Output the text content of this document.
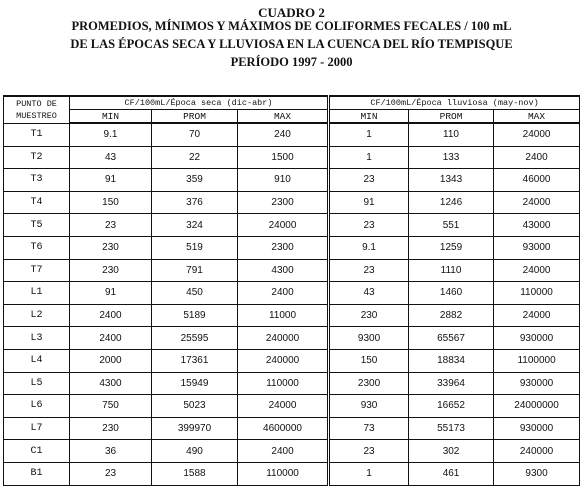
CUADRO 2
PROMEDIOS, MÍNIMOS Y MÁXIMOS DE COLIFORMES FECALES / 100 mL
DE LAS ÉPOCAS SECA Y LLUVIOSA EN LA CUENCA DEL RÍO TEMPISQUE
PERÍODO 1997 - 2000
PUNTO DE
MUESTREO	CF/100mL/Época seca (dic-abr)			CF/100mL/Época lluviosa (may-nov)		
	MIN	PROM	MAX	MIN	PROM	MAX
T1	9.1	70	240	1	110	24000
T2	43	22	1500	1	133	2400
T3	91	359	910	23	1343	46000
T4	150	376	2300	91	1246	24000
T5	23	324	24000	23	551	43000
T6	230	519	2300	9.1	1259	93000
T7	230	791	4300	23	1110	24000
L1	91	450	2400	43	1460	110000
L2	2400	5189	11000	230	2882	24000
L3	2400	25595	240000	9300	65567	930000
L4	2000	17361	240000	150	18834	1100000
L5	4300	15949	110000	2300	33964	930000
L6	750	5023	24000	930	16652	24000000
L7	230	399970	4600000	73	55173	930000
C1	36	490	2400	23	302	240000
B1	23	1588	110000	1	461	9300
